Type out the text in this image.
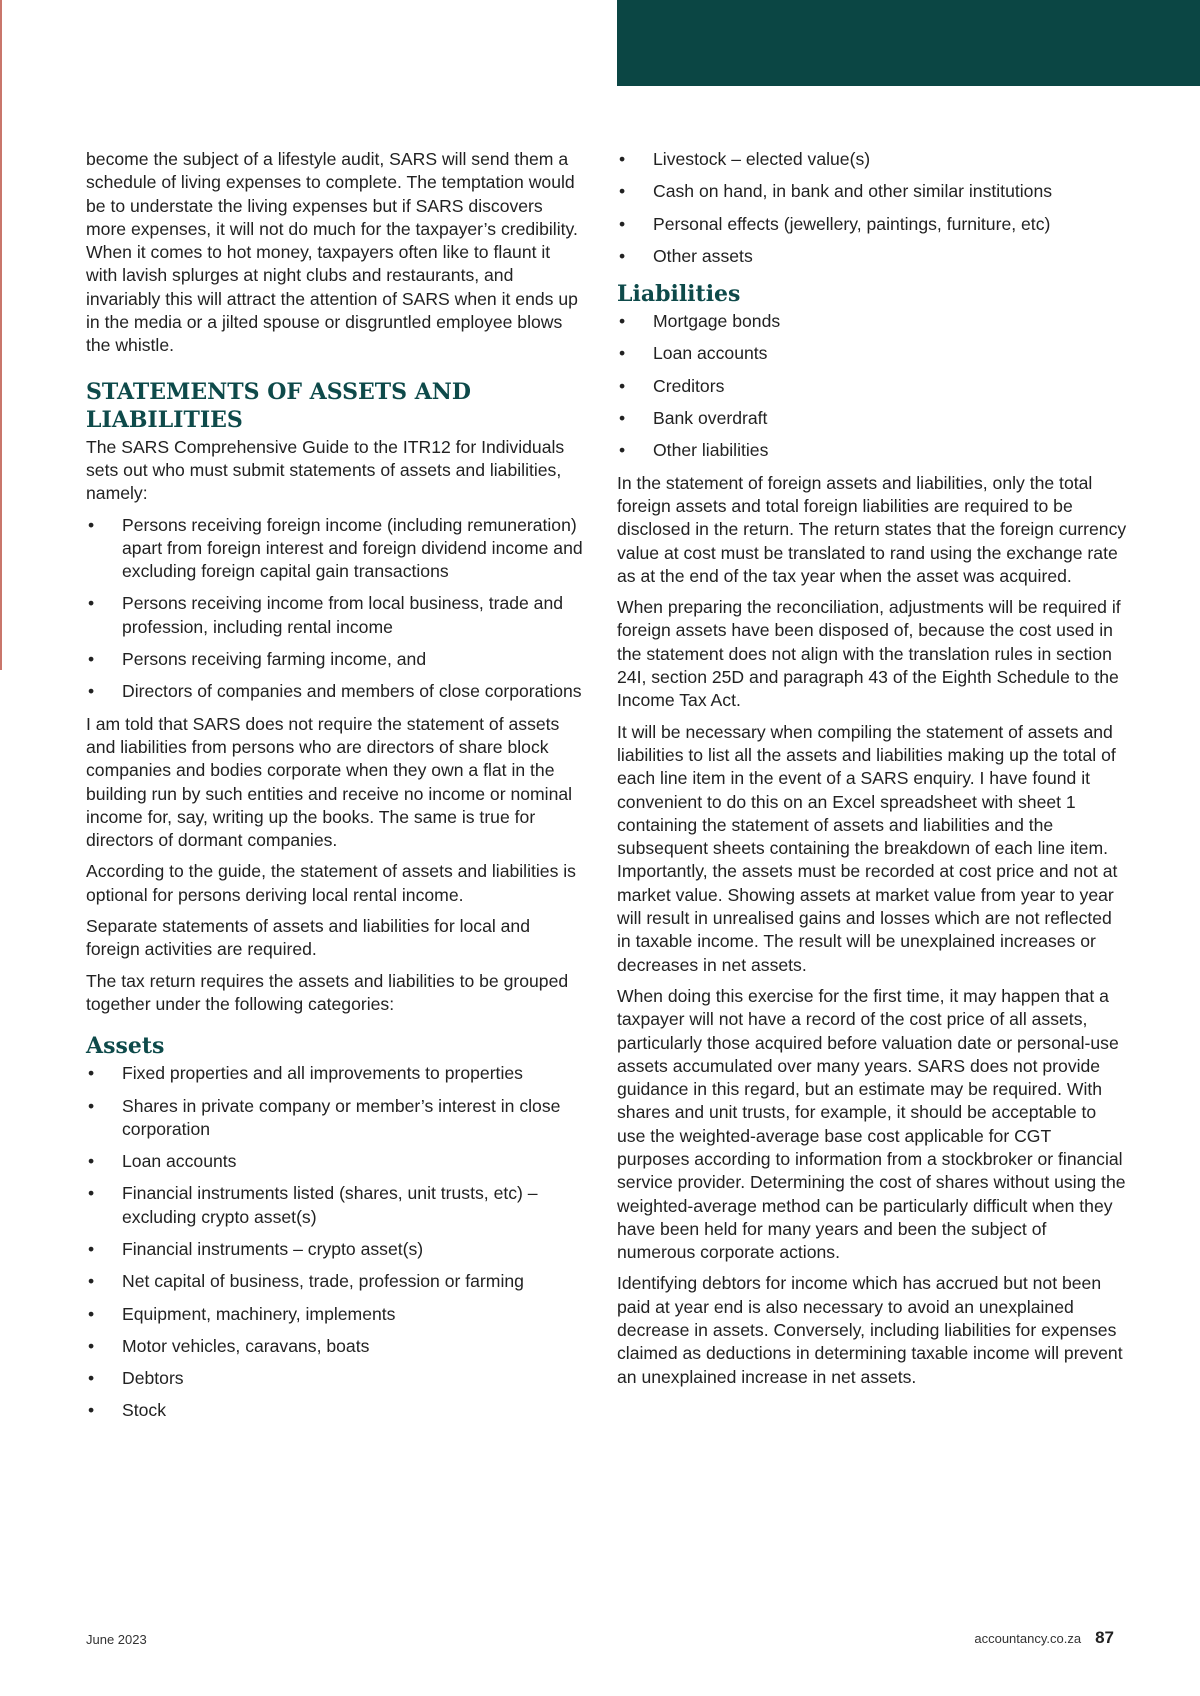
become the subject of a lifestyle audit, SARS will send them a schedule of living expenses to complete. The temptation would be to understate the living expenses but if SARS discovers more expenses, it will not do much for the taxpayer’s credibility. When it comes to hot money, taxpayers often like to flaunt it with lavish splurges at night clubs and restaurants, and invariably this will attract the attention of SARS when it ends up in the media or a jilted spouse or disgruntled employee blows the whistle.

STATEMENTS OF ASSETS AND LIABILITIES

The SARS Comprehensive Guide to the ITR12 for Individuals sets out who must submit statements of assets and liabilities, namely:

• Persons receiving foreign income (including remuneration) apart from foreign interest and foreign dividend income and excluding foreign capital gain transactions
• Persons receiving income from local business, trade and profession, including rental income
• Persons receiving farming income, and
• Directors of companies and members of close corporations

I am told that SARS does not require the statement of assets and liabilities from persons who are directors of share block companies and bodies corporate when they own a flat in the building run by such entities and receive no income or nominal income for, say, writing up the books. The same is true for directors of dormant companies.

According to the guide, the statement of assets and liabilities is optional for persons deriving local rental income.

Separate statements of assets and liabilities for local and foreign activities are required.

The tax return requires the assets and liabilities to be grouped together under the following categories:

Assets
• Fixed properties and all improvements to properties
• Shares in private company or member’s interest in close corporation
• Loan accounts
• Financial instruments listed (shares, unit trusts, etc) – excluding crypto asset(s)
• Financial instruments – crypto asset(s)
• Net capital of business, trade, profession or farming
• Equipment, machinery, implements
• Motor vehicles, caravans, boats
• Debtors
• Stock
• Livestock – elected value(s)
• Cash on hand, in bank and other similar institutions
• Personal effects (jewellery, paintings, furniture, etc)
• Other assets
Liabilities
• Mortgage bonds
• Loan accounts
• Creditors
• Bank overdraft
• Other liabilities

In the statement of foreign assets and liabilities, only the total foreign assets and total foreign liabilities are required to be disclosed in the return. The return states that the foreign currency value at cost must be translated to rand using the exchange rate as at the end of the tax year when the asset was acquired.

When preparing the reconciliation, adjustments will be required if foreign assets have been disposed of, because the cost used in the statement does not align with the translation rules in section 24I, section 25D and paragraph 43 of the Eighth Schedule to the Income Tax Act.

It will be necessary when compiling the statement of assets and liabilities to list all the assets and liabilities making up the total of each line item in the event of a SARS enquiry. I have found it convenient to do this on an Excel spreadsheet with sheet 1 containing the statement of assets and liabilities and the subsequent sheets containing the breakdown of each line item. Importantly, the assets must be recorded at cost price and not at market value. Showing assets at market value from year to year will result in unrealised gains and losses which are not reflected in taxable income. The result will be unexplained increases or decreases in net assets.

When doing this exercise for the first time, it may happen that a taxpayer will not have a record of the cost price of all assets, particularly those acquired before valuation date or personal-use assets accumulated over many years. SARS does not provide guidance in this regard, but an estimate may be required. With shares and unit trusts, for example, it should be acceptable to use the weighted-average base cost applicable for CGT purposes according to information from a stockbroker or financial service provider. Determining the cost of shares without using the weighted-average method can be particularly difficult when they have been held for many years and been the subject of numerous corporate actions.

Identifying debtors for income which has accrued but not been paid at year end is also necessary to avoid an unexplained decrease in assets. Conversely, including liabilities for expenses claimed as deductions in determining taxable income will prevent an unexplained increase in net assets.

June 2023	accountancy.co.za 87
